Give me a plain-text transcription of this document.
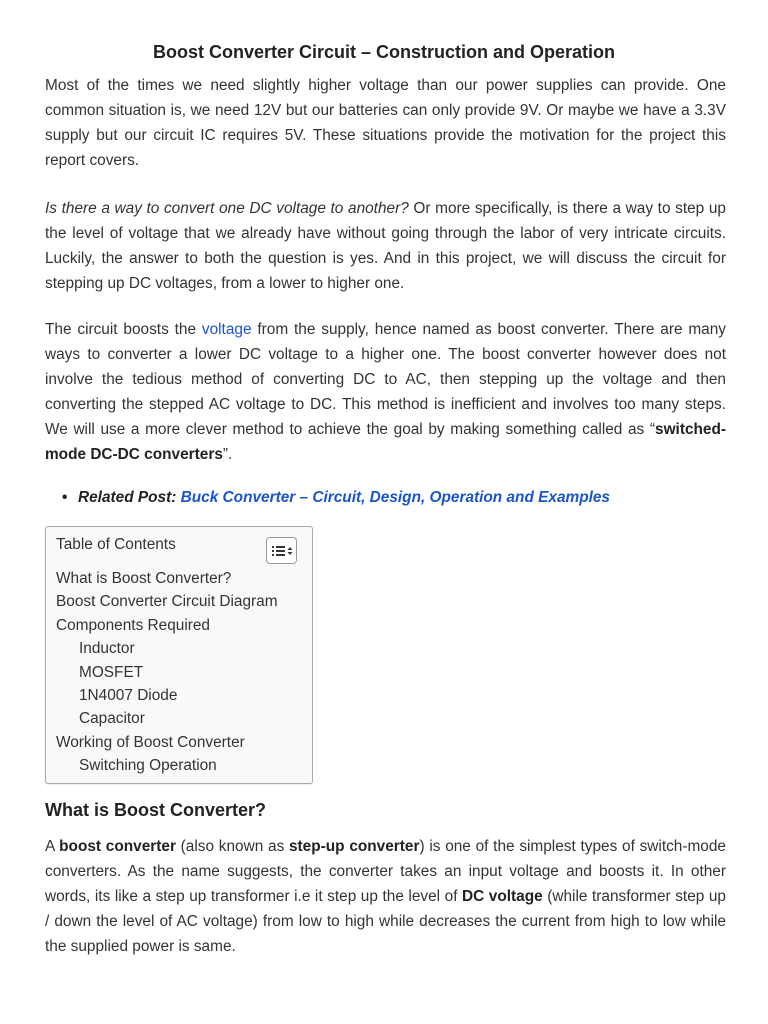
Boost Converter Circuit – Construction and Operation

Most of the times we need slightly higher voltage than our power supplies can provide. One common situation is, we need 12V but our batteries can only provide 9V. Or maybe we have a 3.3V supply but our circuit IC requires 5V. These situations provide the motivation for the project this report covers.

Is there a way to convert one DC voltage to another? Or more specifically, is there a way to step up the level of voltage that we already have without going through the labor of very intricate circuits. Luckily, the answer to both the question is yes. And in this project, we will discuss the circuit for stepping up DC voltages, from a lower to higher one.

The circuit boosts the voltage from the supply, hence named as boost converter. There are many ways to converter a lower DC voltage to a higher one. The boost converter however does not involve the tedious method of converting DC to AC, then stepping up the voltage and then converting the stepped AC voltage to DC. This method is inefficient and involves too many steps. We will use a more clever method to achieve the goal by making something called as “switched-mode DC-DC converters”.

• Related Post: Buck Converter – Circuit, Design, Operation and Examples
Table of Contents
What is Boost Converter?
Boost Converter Circuit Diagram
Components Required
Inductor
MOSFET
1N4007 Diode
Capacitor
Working of Boost Converter
Switching Operation
What is Boost Converter?

A boost converter (also known as step-up converter) is one of the simplest types of switch-mode converters. As the name suggests, the converter takes an input voltage and boosts it. In other words, its like a step up transformer i.e it step up the level of DC voltage (while transformer step up / down the level of AC voltage) from low to high while decreases the current from high to low while the supplied power is same.
